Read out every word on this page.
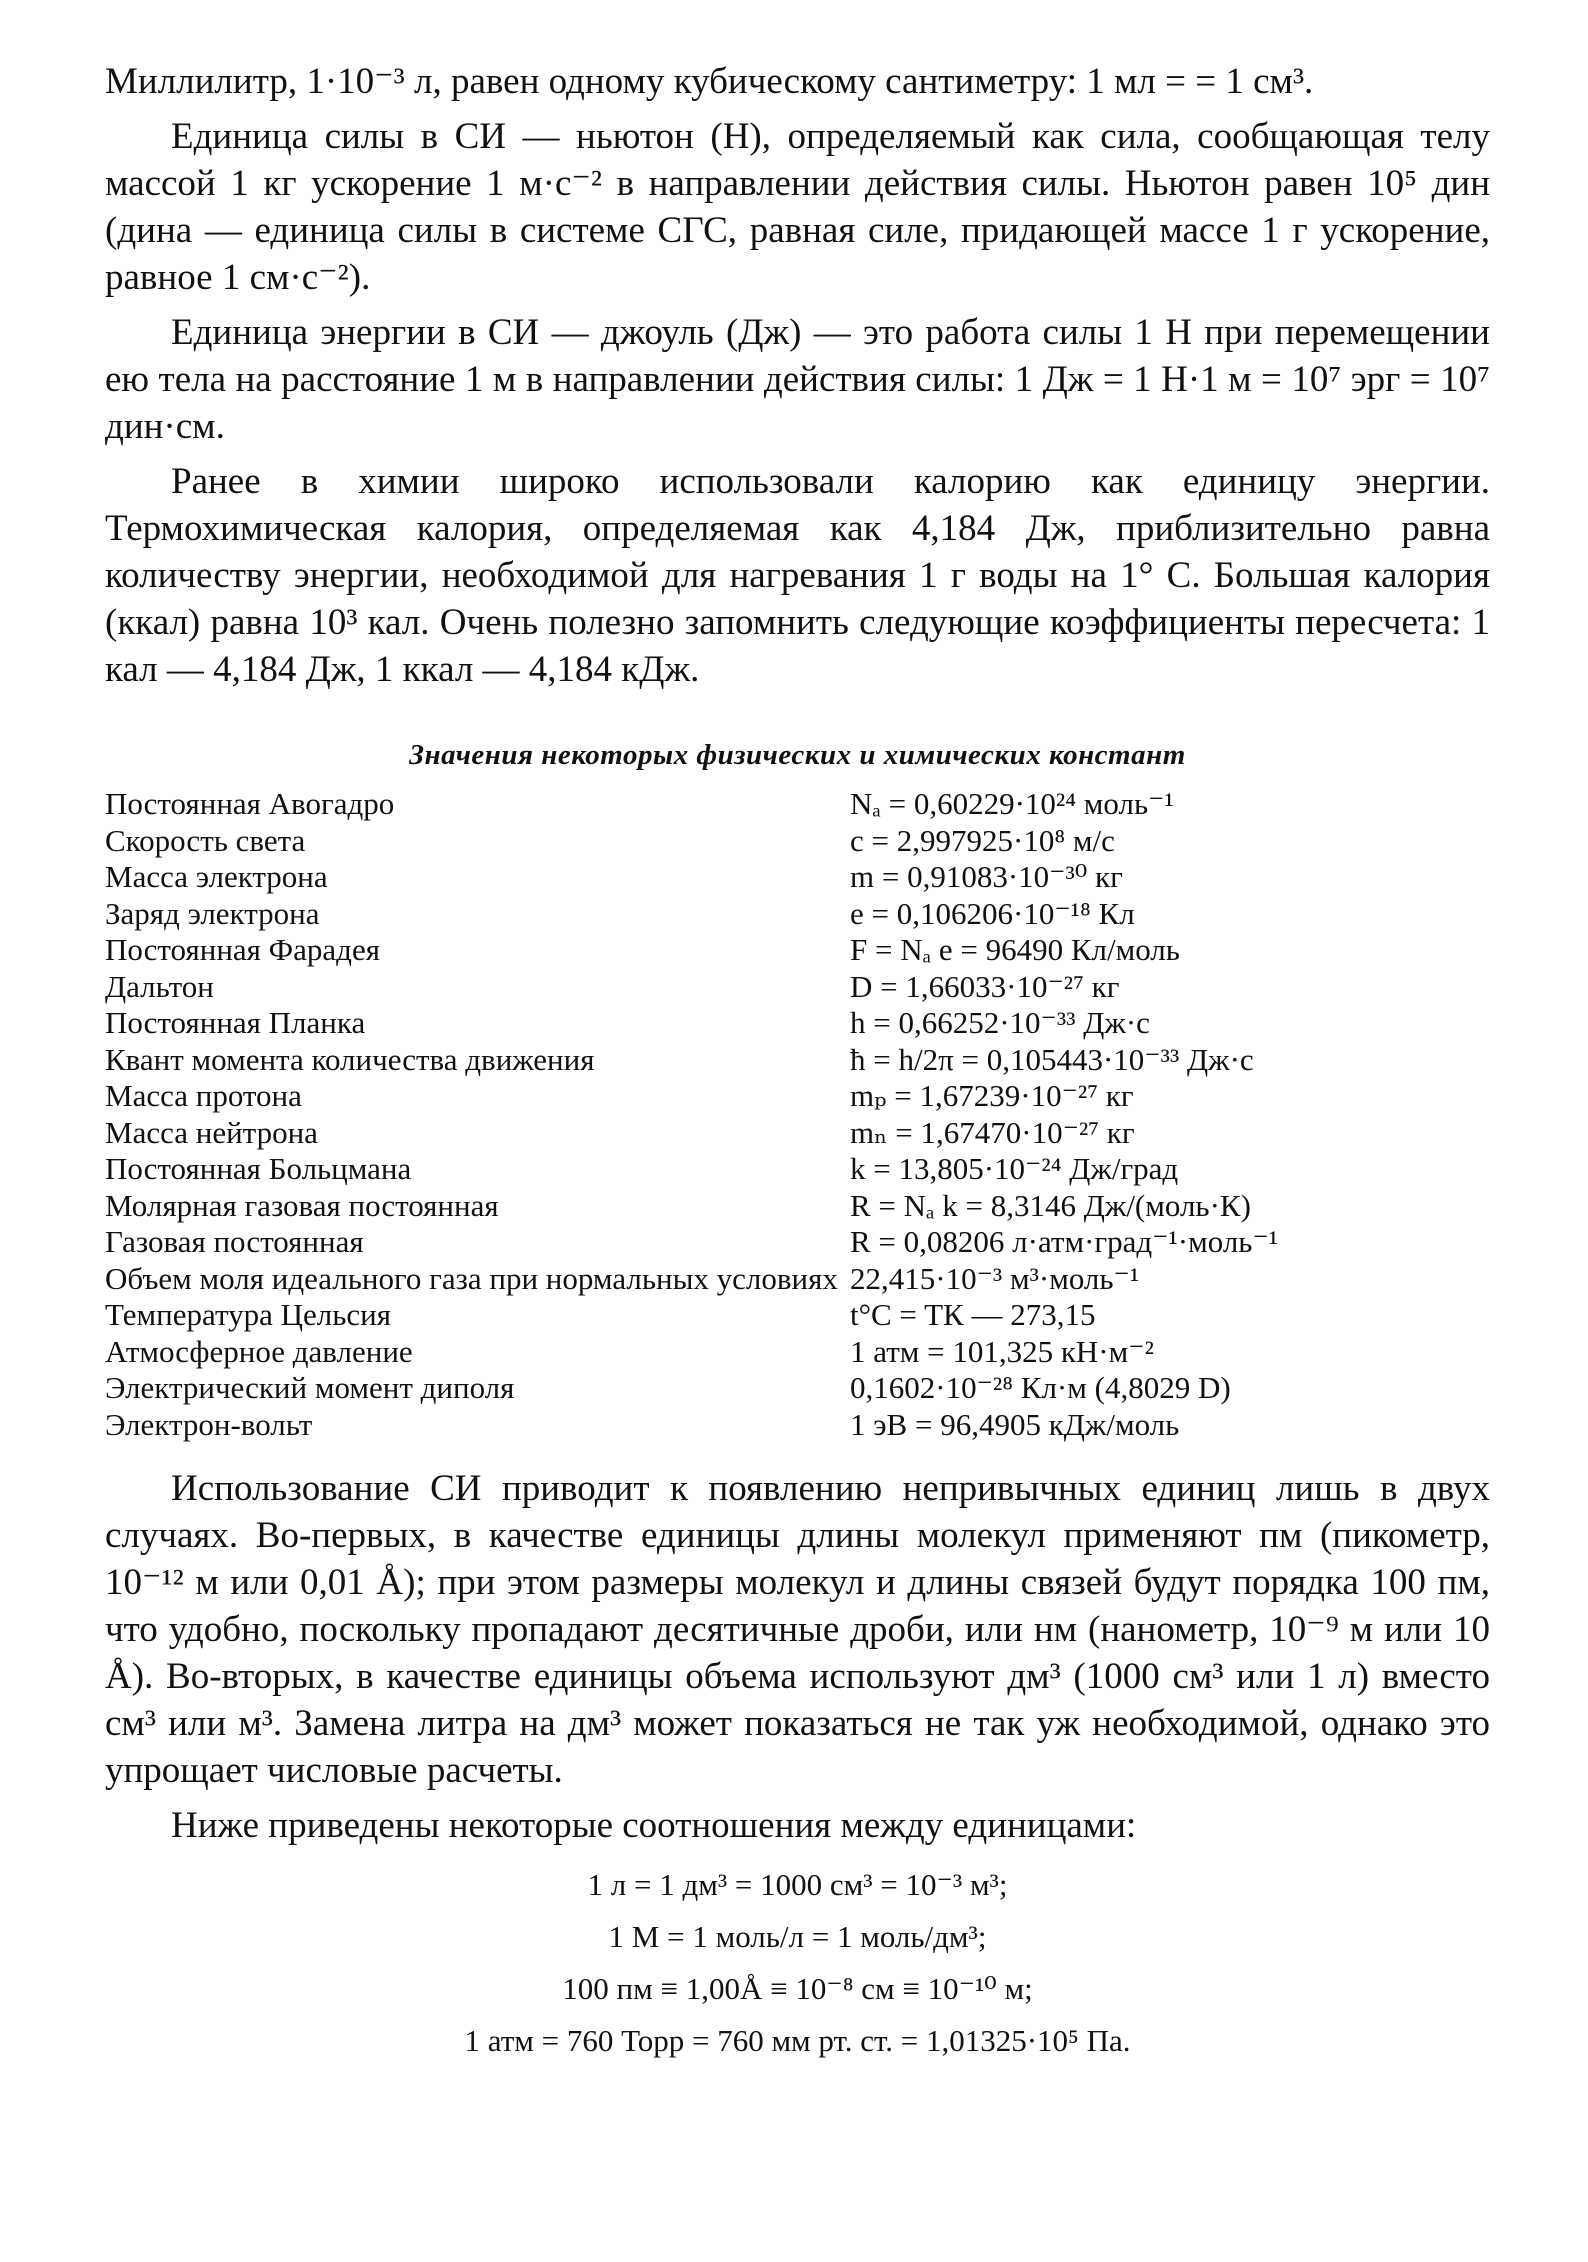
Миллилитр, 1·10⁻³ л, равен одному кубическому сантиметру: 1 мл = = 1 см³.

Единица силы в СИ — ньютон (Н), определяемый как сила, сообщающая телу массой 1 кг ускорение 1 м·с⁻² в направлении действия силы. Ньютон равен 10⁵ дин (дина — единица силы в системе СГС, равная силе, придающей массе 1 г ускорение, равное 1 см·с⁻²).

Единица энергии в СИ — джоуль (Дж) — это работа силы 1 Н при перемещении ею тела на расстояние 1 м в направлении действия силы: 1 Дж = 1 Н·1 м = 10⁷ эрг = 10⁷ дин·см.

Ранее в химии широко использовали калорию как единицу энергии. Термохимическая калория, определяемая как 4,184 Дж, приблизительно равна количеству энергии, необходимой для нагревания 1 г воды на 1° С. Большая калория (ккал) равна 10³ кал. Очень полезно запомнить следующие коэффициенты пересчета: 1 кал — 4,184 Дж, 1 ккал — 4,184 кДж.

Значения некоторых физических и химических констант
Постоянная Авогадро	Nₐ = 0,60229·10²⁴ моль⁻¹
Скорость света	c = 2,997925·10⁸ м/с
Масса электрона	m = 0,91083·10⁻³⁰ кг
Заряд электрона	e = 0,106206·10⁻¹⁸ Кл
Постоянная Фарадея	F = Nₐ e = 96490 Кл/моль
Дальтон	D = 1,66033·10⁻²⁷ кг
Постоянная Планка	h = 0,66252·10⁻³³ Дж·с
Квант момента количества движения	ħ = h/2π = 0,105443·10⁻³³ Дж·с
Масса протона	mₚ = 1,67239·10⁻²⁷ кг
Масса нейтрона	mₙ = 1,67470·10⁻²⁷ кг
Постоянная Больцмана	k = 13,805·10⁻²⁴ Дж/град
Молярная газовая постоянная	R = Nₐ k = 8,3146 Дж/(моль·К)
Газовая постоянная	R = 0,08206 л·атм·град⁻¹·моль⁻¹
Объем моля идеального газа при нормальных условиях	22,415·10⁻³ м³·моль⁻¹
Температура Цельсия	t°C = TК — 273,15
Атмосферное давление	1 атм = 101,325 кН·м⁻²
Электрический момент диполя	0,1602·10⁻²⁸ Кл·м (4,8029 D)
Электрон-вольт	1 эВ = 96,4905 кДж/моль

Использование СИ приводит к появлению непривычных единиц лишь в двух случаях. Во-первых, в качестве единицы длины молекул применяют пм (пикометр, 10⁻¹² м или 0,01 Å); при этом размеры молекул и длины связей будут порядка 100 пм, что удобно, поскольку пропадают десятичные дроби, или нм (нанометр, 10⁻⁹ м или 10 Å). Во-вторых, в качестве единицы объема используют дм³ (1000 см³ или 1 л) вместо см³ или м³. Замена литра на дм³ может показаться не так уж необходимой, однако это упрощает числовые расчеты.

Ниже приведены некоторые соотношения между единицами:

1 л = 1 дм³ = 1000 см³ = 10⁻³ м³;
1 М = 1 моль/л = 1 моль/дм³;
100 пм ≡ 1,00Å ≡ 10⁻⁸ см ≡ 10⁻¹⁰ м;
1 атм = 760 Торр = 760 мм рт. ст. = 1,01325·10⁵ Па.
